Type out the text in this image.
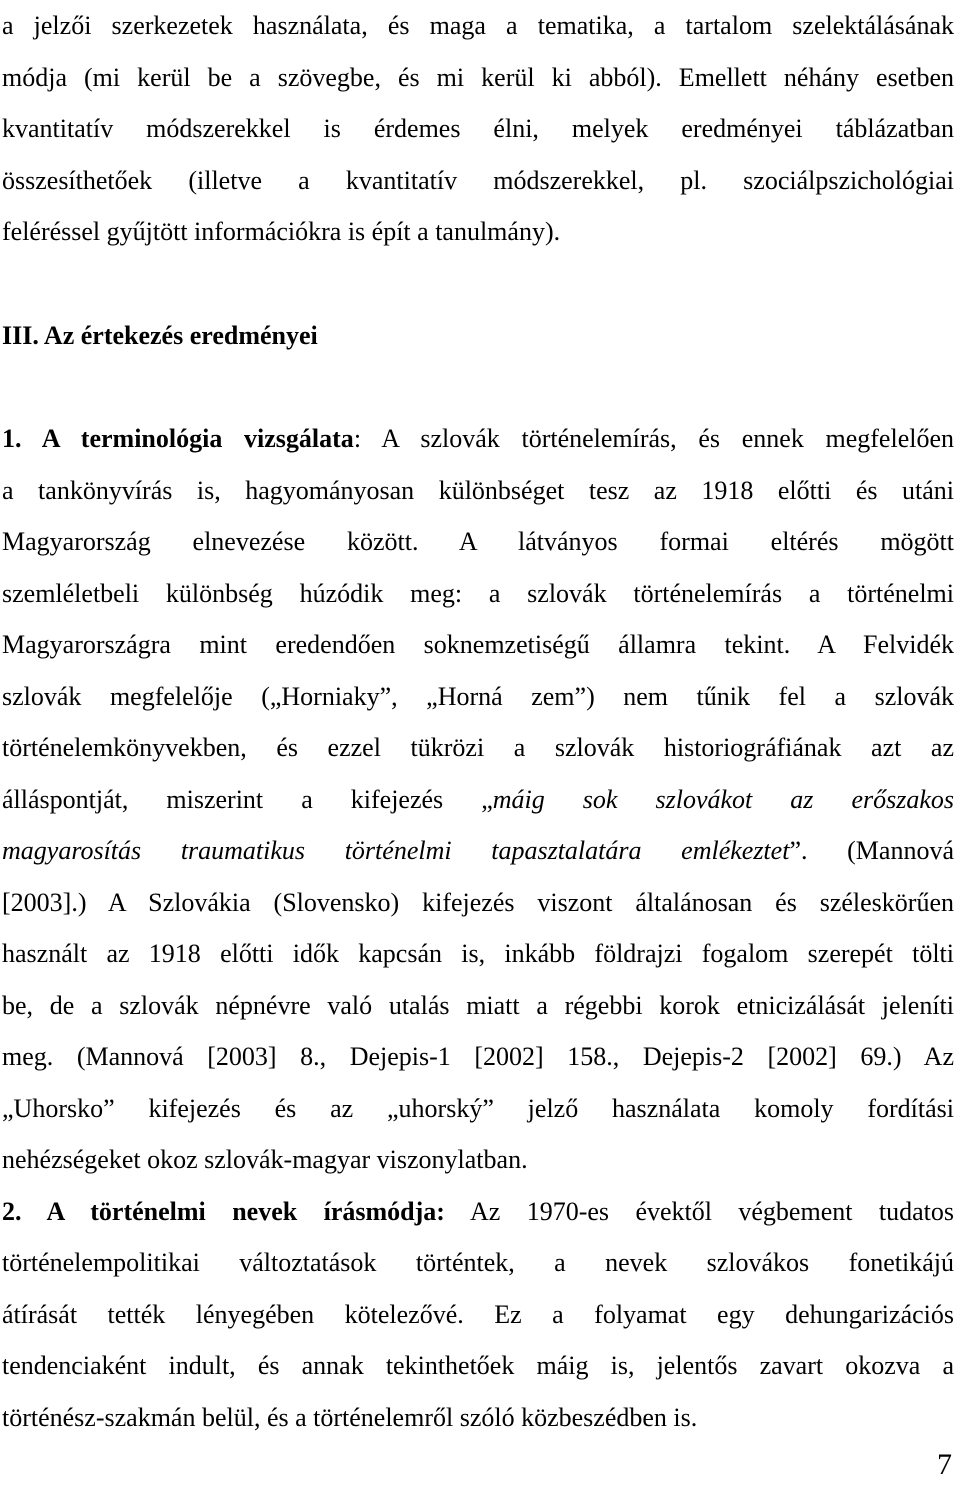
a jelzői szerkezetek használata, és maga a tematika, a tartalom szelektálásának
módja (mi kerül be a szövegbe, és mi kerül ki abból). Emellett néhány esetben
kvantitatív módszerekkel is érdemes élni, melyek eredményei táblázatban
összesíthetőek (illetve a kvantitatív módszerekkel, pl. szociálpszichológiai
feléréssel gyűjtött információkra is épít a tanulmány).
III. Az értekezés eredményei
1. A terminológia vizsgálata: A szlovák történelemírás, és ennek megfelelően
a tankönyvírás is, hagyományosan különbséget tesz az 1918 előtti és utáni
Magyarország elnevezése között. A látványos formai eltérés mögött
szemléletbeli különbség húzódik meg: a szlovák történelemírás a történelmi
Magyarországra mint eredendően soknemzetiségű államra tekint. A Felvidék
szlovák megfelelője („Horniaky”, „Horná zem”) nem tűnik fel a szlovák
történelemkönyvekben, és ezzel tükrözi a szlovák historiográfiának azt az
álláspontját, miszerint a kifejezés „máig sok szlovákot az erőszakos
magyarosítás traumatikus történelmi tapasztalatára emlékeztet”. (Mannová
[2003].) A Szlovákia (Slovensko) kifejezés viszont általánosan és széleskörűen
használt az 1918 előtti idők kapcsán is, inkább földrajzi fogalom szerepét tölti
be, de a szlovák népnévre való utalás miatt a régebbi korok etnicizálását jeleníti
meg. (Mannová [2003] 8., Dejepis-1 [2002] 158., Dejepis-2 [2002] 69.) Az
„Uhorsko” kifejezés és az „uhorský” jelző használata komoly fordítási
nehézségeket okoz szlovák-magyar viszonylatban.
2. A történelmi nevek írásmódja: Az 1970-es évektől végbement tudatos
történelempolitikai változtatások történtek, a nevek szlovákos fonetikájú
átírását tették lényegében kötelezővé. Ez a folyamat egy dehungarizációs
tendenciaként indult, és annak tekinthetőek máig is, jelentős zavart okozva a
történész-szakmán belül, és a történelemről szóló közbeszédben is.
7
